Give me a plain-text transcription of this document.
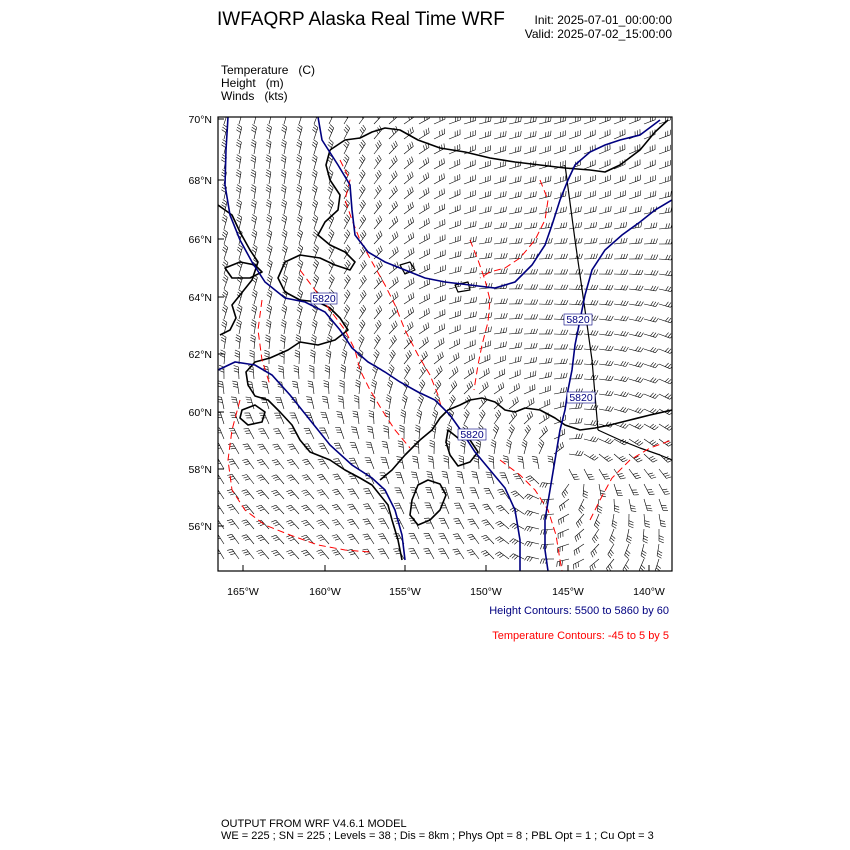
IWFAQRP Alaska Real Time WRF Init: 2025-07-01_00:00:00
Valid: 2025-07-02_15:00:00
Temperature   (C)
Height   (m)
Winds   (kts)
5820
5820
5820
5820
70°N
68°N
66°N
64°N
62°N
60°N
58°N
56°N
165°W	160°W	155°W	150°W	145°W	140°W
Height Contours: 5500 to 5860 by 60
Temperature Contours: -45 to 5 by 5
OUTPUT FROM WRF V4.6.1 MODEL
WE = 225 ; SN = 225 ; Levels = 38 ; Dis = 8km ; Phys Opt = 8 ; PBL Opt = 1 ; Cu Opt = 3
